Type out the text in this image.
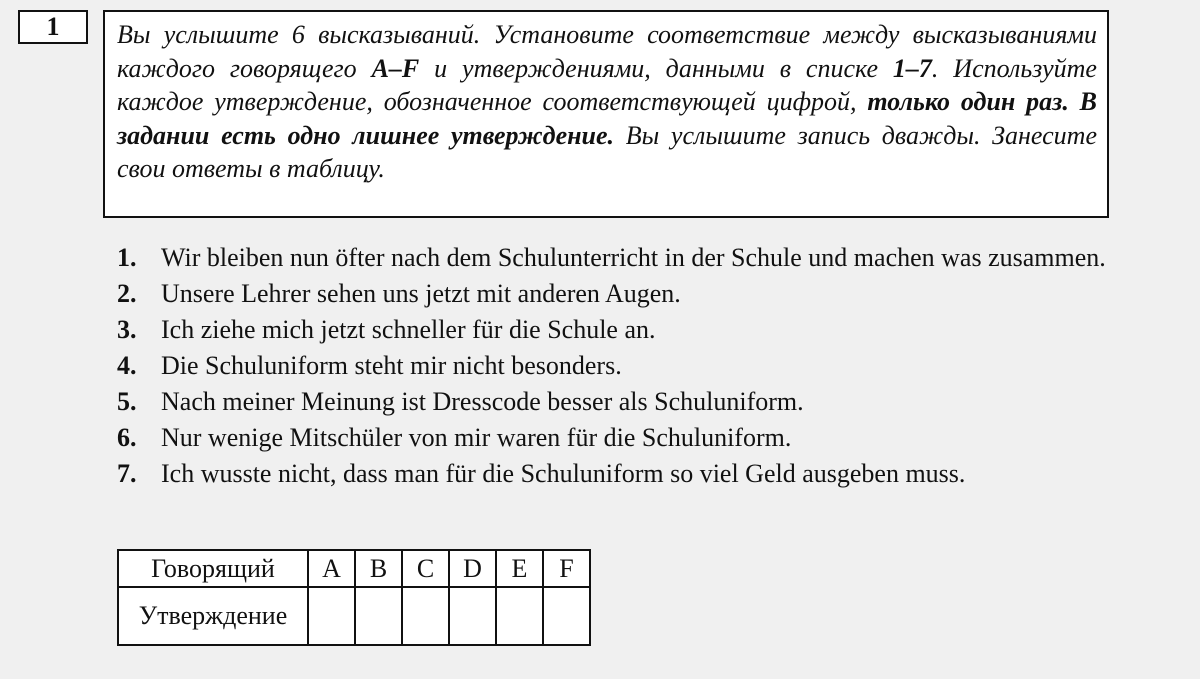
1	Вы услышите 6 высказываний. Установите соответствие между высказываниями каждого говорящего A–F и утверждениями, данными в списке 1–7. Используйте каждое утверждение, обозначенное соответствующей цифрой, только один раз. В задании есть одно лишнее утверждение. Вы услышите запись дважды. Занесите свои ответы в таблицу.
1. Wir bleiben nun öfter nach dem Schulunterricht in der Schule und machen was zusammen.
2. Unsere Lehrer sehen uns jetzt mit anderen Augen.
3. Ich ziehe mich jetzt schneller für die Schule an.
4. Die Schuluniform steht mir nicht besonders.
5. Nach meiner Meinung ist Dresscode besser als Schuluniform.
6. Nur wenige Mitschüler von mir waren für die Schuluniform.
7. Ich wusste nicht, dass man für die Schuluniform so viel Geld ausgeben muss.
Говорящий	A	B	C	D	E	F
Утверждение						
